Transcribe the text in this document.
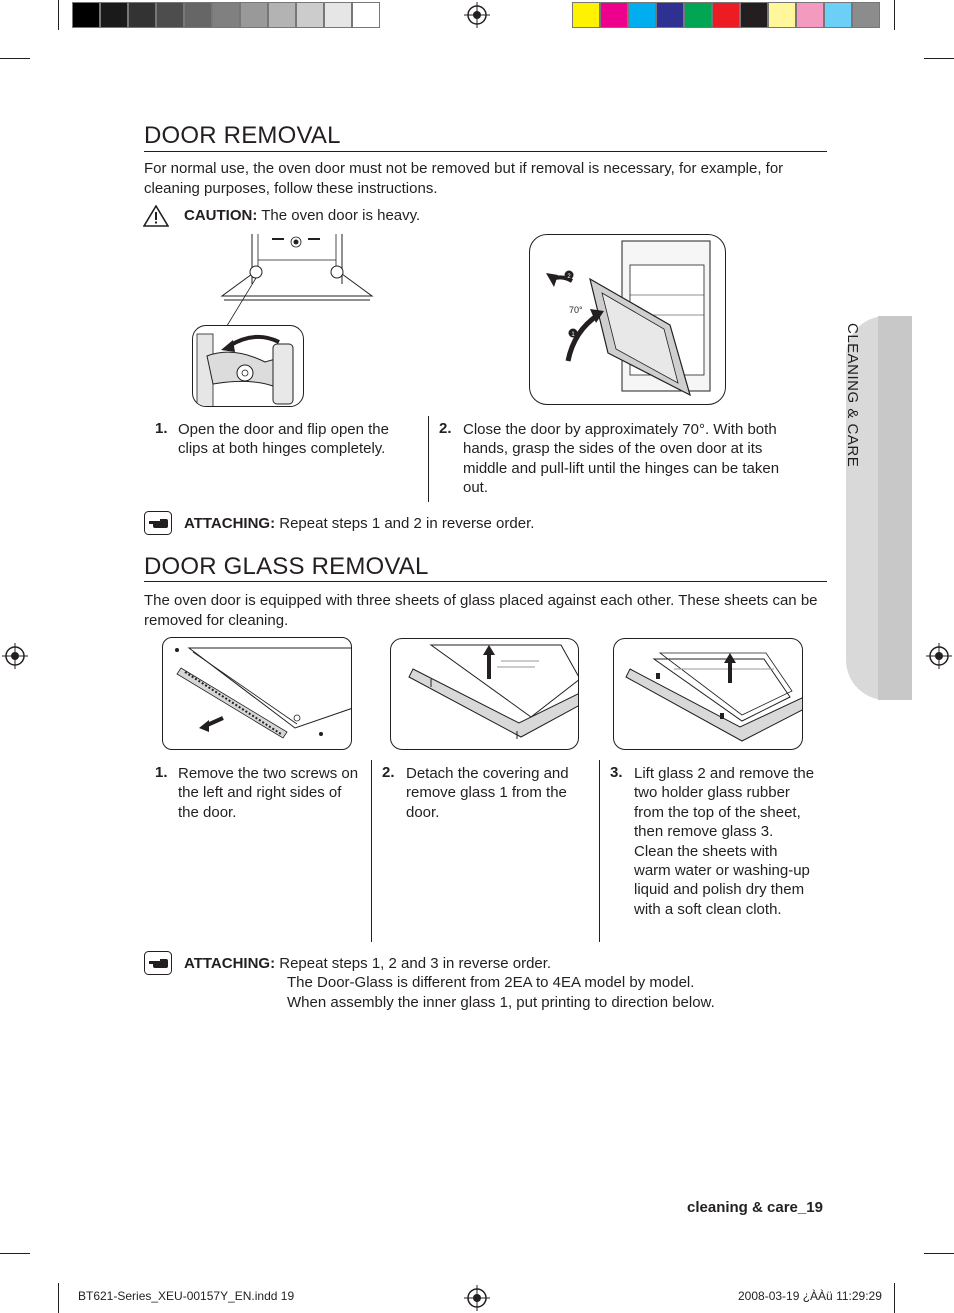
CLEANING & CARE
DOOR REMOVAL
For normal use, the oven door must not be removed but if removal is necessary, for example, for cleaning purposes, follow these instructions.
CAUTION: The oven door is heavy.
2
1
70°
1. Open the door and flip open the clips at both hinges completely.
2. Close the door by approximately 70°. With both hands, grasp the sides of the oven door at its middle and pull-lift until the hinges can be taken out.
ATTACHING: Repeat steps 1 and 2 in reverse order.
DOOR GLASS REMOVAL
The oven door is equipped with three sheets of glass placed against each other. These sheets can be removed for cleaning.
1. Remove the two screws on the left and right sides of the door.
2. Detach the covering and remove glass 1 from the door.
3. Lift glass 2 and remove the two holder glass rubber from the top of the sheet, then remove glass 3. Clean the sheets with warm water or washing-up liquid and polish dry them with a soft clean cloth.
ATTACHING: Repeat steps 1, 2 and 3 in reverse order.
The Door-Glass is different from 2EA to 4EA model by model.
When assembly the inner glass 1, put printing to direction below.
cleaning & care_19
BT621-Series_XEU-00157Y_EN.indd 19	2008-03-19 ¿ÀÀü 11:29:29
